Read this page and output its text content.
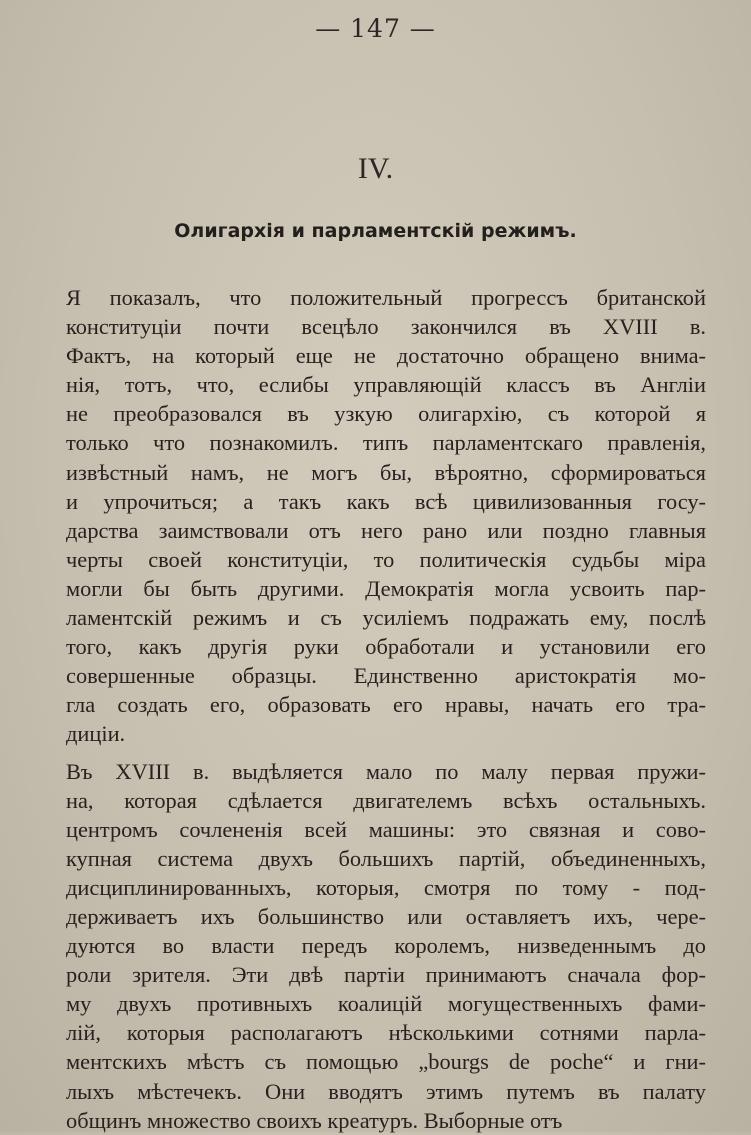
— 147 —
IV.
Олигархія и парламентскій режимъ.
Я показалъ, что положительный прогрессъ британской
конституціи почти всецѣло закончился въ XVIII в.
Фактъ, на который еще не достаточно обращено внима-
нія, тотъ, что, еслибы управляющій классъ въ Англіи
не преобразовался въ узкую олигархію, съ которой я
только что познакомилъ. типъ парламентскаго правленія,
извѣстный намъ, не могъ бы, вѣроятно, сформироваться
и упрочиться; а такъ какъ всѣ цивилизованныя госу-
дарства заимствовали отъ него рано или поздно главныя
черты своей конституціи, то политическія судьбы міра
могли бы быть другими. Демократія могла усвоить пар-
ламентскій режимъ и съ усиліемъ подражать ему, послѣ
того, какъ другія руки обработали и установили его
совершенные образцы. Единственно аристократія мо-
гла создать его, образовать его нравы, начать его тра-
диціи.
Въ XVIII в. выдѣляется мало по малу первая пружи-
на, которая сдѣлается двигателемъ всѣхъ остальныхъ.
центромъ сочлененія всей машины: это связная и сово-
купная система двухъ большихъ партій, объединенныхъ,
дисциплинированныхъ, которыя, смотря по тому - под-
держиваетъ ихъ большинство или оставляетъ ихъ, чере-
дуются во власти передъ королемъ, низведеннымъ до
роли зрителя. Эти двѣ партіи принимаютъ сначала фор-
му двухъ противныхъ коалицій могущественныхъ фами-
лій, которыя располагаютъ нѣсколькими сотнями парла-
ментскихъ мѣстъ съ помощью „bourgs de poche“ и гни-
лыхъ мѣстечекъ. Они вводятъ этимъ путемъ въ палату
общинъ множество своихъ креатуръ. Выборные отъ
